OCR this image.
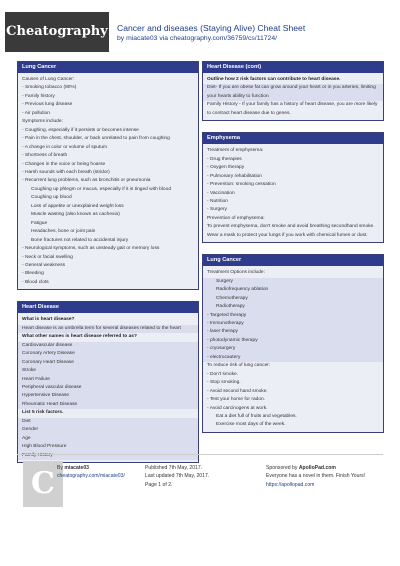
Cheatography Cancer and diseases (Staying Alive) Cheat Sheet
by miacate03 via cheatography.com/36759/cs/11724/
Lung Cancer
Causes of Lung Cancer:
- Smoking tobacco (80%)
- Family history
- Previous lung disease
- Air pollution
Symptoms include:
- Coughing, especially if it persists or becomes intense
- Pain in the chest, shoulder, or back unrelated to pain from coughing
- A change in color or volume of sputum
- Shortness of breath
- Changes in the voice or being hoarse
- Harsh sounds with each breath (stridor)
- Recurrent lung problems, such as bronchitis or pneumonia
Coughing up phlegm or mucus, especially if it is tinged with blood
Coughing up blood
Loss of appetite or unexplained weight loss
Muscle wasting (also known as cachexia)
Fatigue
Headaches, bone or joint pain
Bone fractures not related to accidental injury
- Neurological symptoms, such as unsteady gait or memory loss
- Neck or facial swelling
- General weakness
- Bleeding
- Blood clots
Heart Disease
What is heart disease?
Heart disease is an umbrella term for several diseases related to the heart
What other names is heart disease referred to as?
Cardiovascular disease
Coronary Artery Disease
Coronary Heart Disease
Stroke
Heart Failure
Peripheral vascular disease
Hypertensive Disease
Rheumatic Heart Disease
List 5 risk factors.
Diet
Gender
Age
High Blood Pressure
Family History
Heart Disease (cont)
Outline how 2 risk factors can contribute to heart disease.
Diet- If you are obese fat can grow around your heart or in you arteries, limiting your hearts ability to function
Family History - If your family has a history of heart disease, you are more likely to contract heart disease due to genes.
Emphysema
Treatment of emphysema:
- Drug therapies
- Oxygen therapy
- Pulmonary rehabilitation
- Prevention: smoking cessation
- Vaccination
- Nutrition
- Surgery
Prevention of emphysema:
To prevent emphysema, don't smoke and avoid breathing secondhand smoke. Wear a mask to protect your lungs if you work with chemical fumes or dust.
Lung Cancer
Treatment Options include:
Surgery
Radiofrequency ablation
Chemotherapy
Radiotherapy
- Targeted therapy
- Immunotherapy
- laser therapy
- photodynamic therapy
- cryosurgery
- electrocautery
To reduce risk of lung cancer:
- Don't smoke.
- Stop smoking.
- Avoid second hand smoke.
- Test your home for radon.
- Avoid carcinogens at work.
Eat a diet full of fruits and vegetables.
Exercise most days of the week.
C By miacate03
cheatography.com/miacate03/
Published 7th May, 2017.
Last updated 7th May, 2017.
Page 1 of 2.
Sponsored by ApolloPad.com
Everyone has a novel in them. Finish Yours!
https://apollopad.com
